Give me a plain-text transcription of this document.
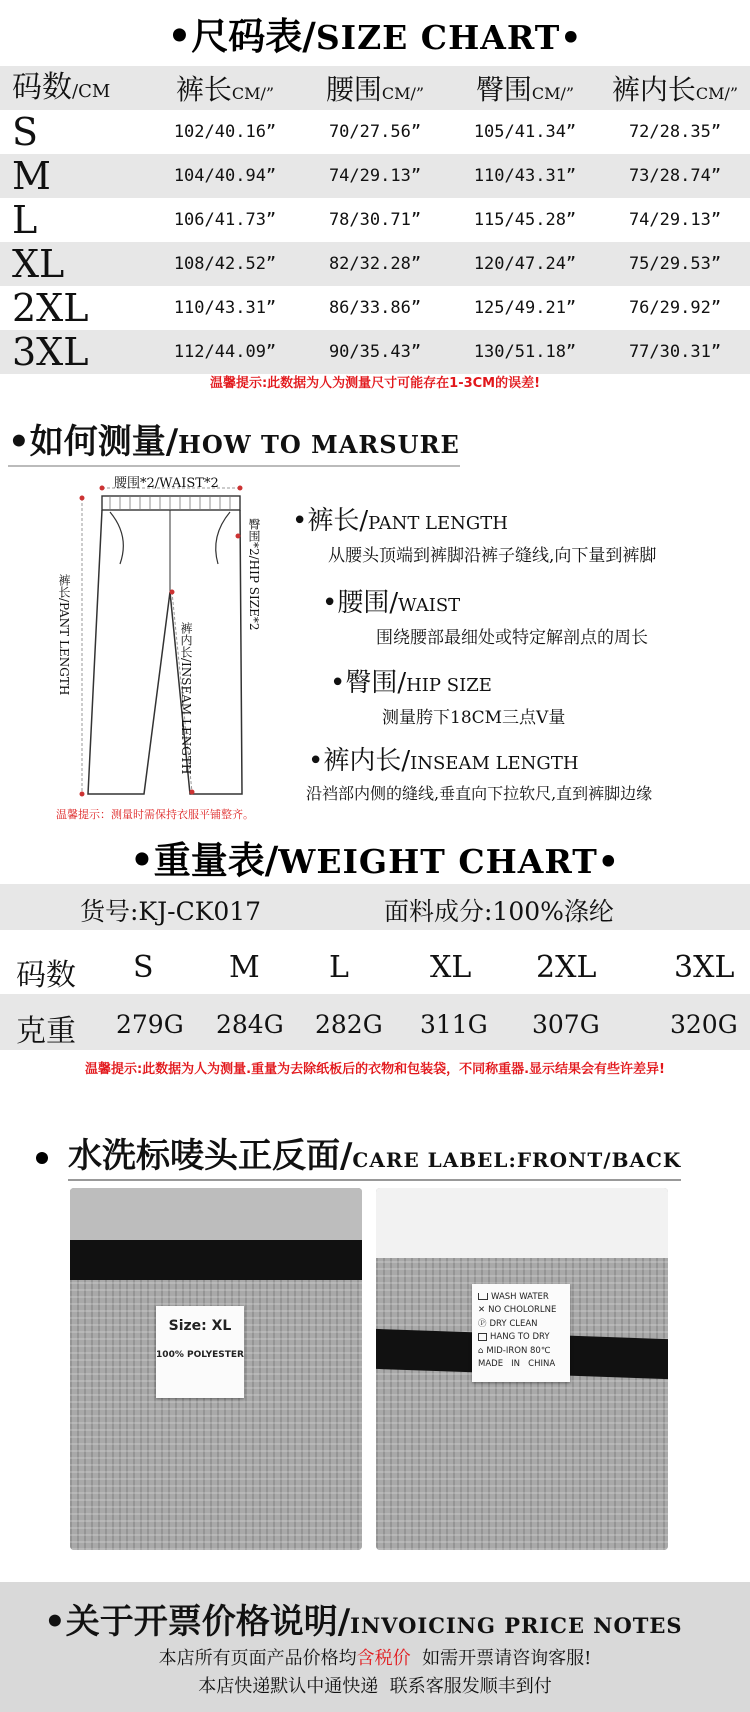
•尺码表/SIZE CHART•
码数/CM	裤长CM/”	腰围CM/”	臀围CM/”	裤内长CM/”
S	102/40.16”	70/27.56”	105/41.34”	72/28.35”
M	104/40.94”	74/29.13”	110/43.31”	73/28.74”
L	106/41.73”	78/30.71”	115/45.28”	74/29.13”
XL	108/42.52”	82/32.28”	120/47.24”	75/29.53”
2XL	110/43.31”	86/33.86”	125/49.21”	76/29.92”
3XL	112/44.09”	90/35.43”	130/51.18”	77/30.31”
温馨提示:此数据为人为测量尺寸可能存在1-3CM的误差!
•如何测量/HOW TO MARSURE
腰围*2/WAIST*2
裤长/PANT LENGTH	裤内长/INSEAM LENGTH
臀围*2/HIP SIZE*2
温馨提示：测量时需保持衣服平铺整齐。
•裤长/PANT LENGTH
从腰头顶端到裤脚沿裤子缝线,向下量到裤脚
•腰围/WAIST
围绕腰部最细处或特定解剖点的周长
•臀围/HIP SIZE
测量胯下18CM三点V量
•裤内长/INSEAM LENGTH
沿裆部内侧的缝线,垂直向下拉软尺,直到裤脚边缘
•重量表/WEIGHT CHART•
货号:KJ-CK017	面料成分:100%涤纶
码数 S	M L	XL 2XL	3XL
克重 279G 284G 282G 311G 307G	320G
温馨提示:此数据为人为测量.重量为去除纸板后的衣物和包装袋，不同称重器.显示结果会有些许差异!
水洗标唛头正反面/CARE LABEL:FRONT/BACK
Size: XL
100% POLYESTER
WASH WATER
✕ NO CHOLORLNE
Ⓟ DRY CLEAN
HANG TO DRY
⌂ MID-IRON 80℃
MADE   IN   CHINA
•关于开票价格说明/INVOICING PRICE NOTES
本店所有页面产品价格均含税价  如需开票请咨询客服!
本店快递默认中通快递  联系客服发顺丰到付
